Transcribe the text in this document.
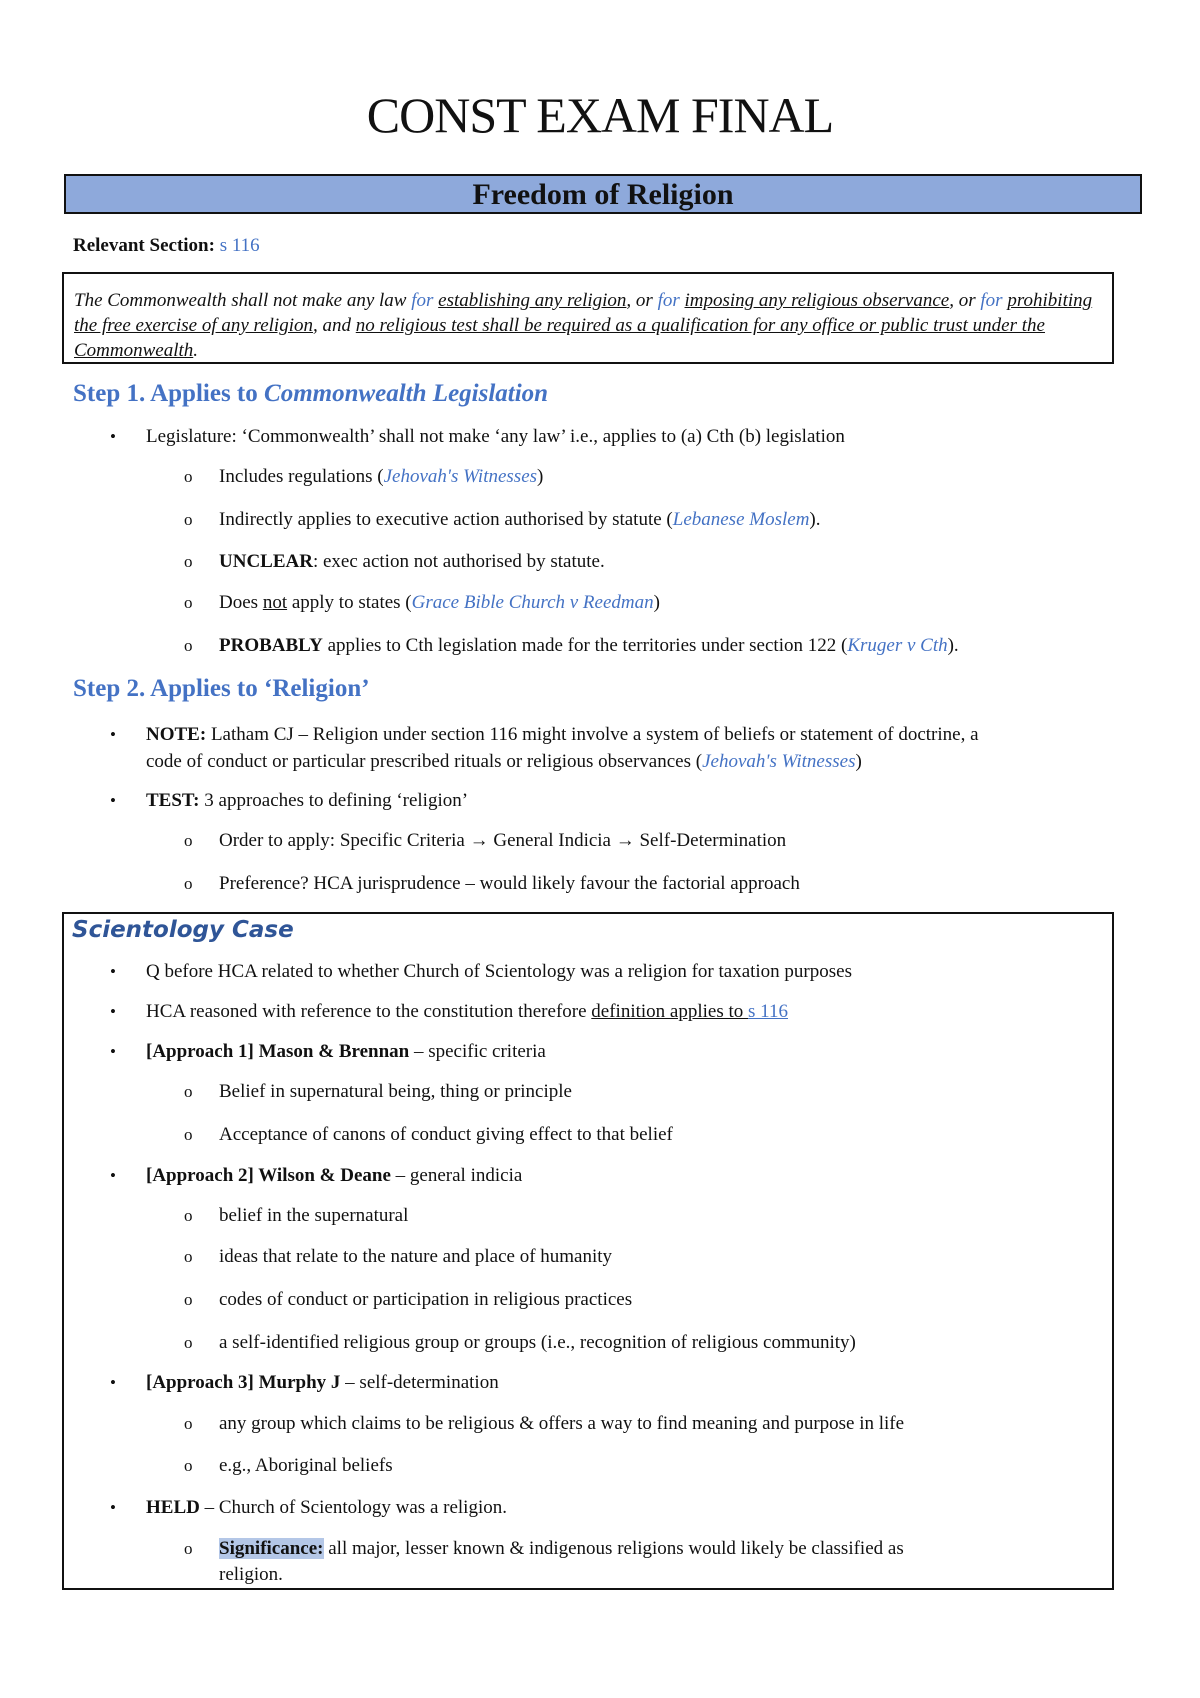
CONST EXAM FINAL
Freedom of Religion
Relevant Section: s 116
The Commonwealth shall not make any law for establishing any religion, or for imposing any religious observance, or for prohibiting the free exercise of any religion, and no religious test shall be required as a qualification for any office or public trust under the Commonwealth.
Step 1. Applies to Commonwealth Legislation
• Legislature: ‘Commonwealth’ shall not make ‘any law’ i.e., applies to (a) Cth (b) legislation
o Includes regulations (Jehovah's Witnesses)
o Indirectly applies to executive action authorised by statute (Lebanese Moslem).
o UNCLEAR: exec action not authorised by statute.
o Does not apply to states (Grace Bible Church v Reedman)
o PROBABLY applies to Cth legislation made for the territories under section 122 (Kruger v Cth).
Step 2. Applies to ‘Religion’
• NOTE: Latham CJ – Religion under section 116 might involve a system of beliefs or statement of doctrine, a
code of conduct or particular prescribed rituals or religious observances (Jehovah's Witnesses)
• TEST: 3 approaches to defining ‘religion’
o Order to apply: Specific Criteria → General Indicia → Self-Determination
o Preference? HCA jurisprudence – would likely favour the factorial approach
Scientology Case
• Q before HCA related to whether Church of Scientology was a religion for taxation purposes
• HCA reasoned with reference to the constitution therefore definition applies to s 116
• [Approach 1] Mason & Brennan – specific criteria
o Belief in supernatural being, thing or principle
o Acceptance of canons of conduct giving effect to that belief
• [Approach 2] Wilson & Deane – general indicia
o belief in the supernatural
o ideas that relate to the nature and place of humanity
o codes of conduct or participation in religious practices
o a self-identified religious group or groups (i.e., recognition of religious community)
• [Approach 3] Murphy J – self-determination
o any group which claims to be religious & offers a way to find meaning and purpose in life
o e.g., Aboriginal beliefs
• HELD – Church of Scientology was a religion.
o Significance: all major, lesser known & indigenous religions would likely be classified as
religion.
